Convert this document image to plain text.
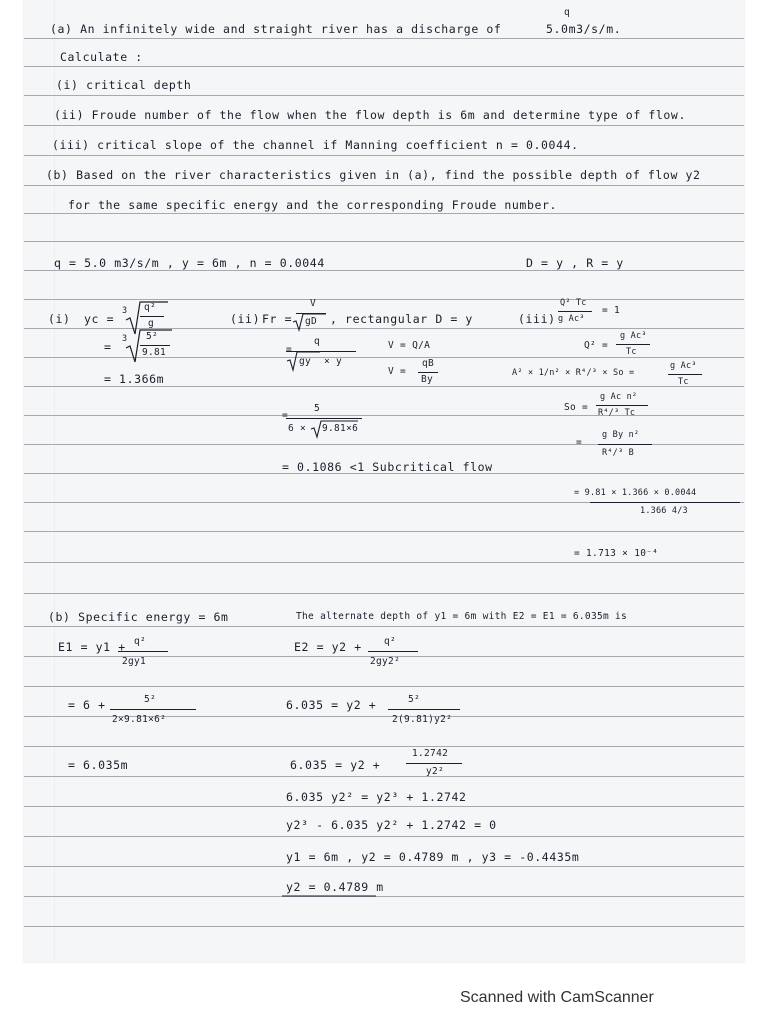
(a) An infinitely wide and straight river has a discharge of
q
5.0m3/s/m.
Calculate :
(i) critical depth
(ii) Froude number of the flow when the flow depth is 6m and determine type of flow.
(iii) critical slope of the channel if Manning coefficient n = 0.0044.
(b) Based on the river characteristics given in (a), find the possible depth of flow y2
for the same specific energy and the corresponding Froude number.
q = 5.0 m3/s/m , y = 6m , n = 0.0044	D = y , R = y
(i) yc =
3 q²
g
=
3 5²
9.81
= 1.366m
(ii) Fr =
V
gD , rectangular D = y
=
q
gy × y
V = Q/A
V =
qB
By
=
5
6 × 9.81×6
= 0.1086 <1 Subcritical flow
(iii)
Q² Tc
g Ac³
= 1
Q² =
g Ac³
Tc
A² × 1/n² × R⁴/³ × So =
g Ac³
Tc
So =
g Ac n²
R⁴/³ Tc
=
g By n²
R⁴/³ B
= 9.81 × 1.366 × 0.0044
1.366 4/3
= 1.713 × 10⁻⁴
(b) Specific energy = 6m	The alternate depth of y1 = 6m with E2 = E1 = 6.035m is
E1 = y1 + q²
2gy1
E2 = y2 + q²
2gy2²
= 6 +	5²
2×9.81×6²
6.035 = y2 +	5²
2(9.81)y2²
= 6.035m	6.035 = y2 +
1.2742
y2²
6.035 y2² = y2³ + 1.2742
y2³ - 6.035 y2² + 1.2742 = 0
y1 = 6m , y2 = 0.4789 m , y3 = -0.4435m
y2 = 0.4789 m
Scanned with CamScanner
